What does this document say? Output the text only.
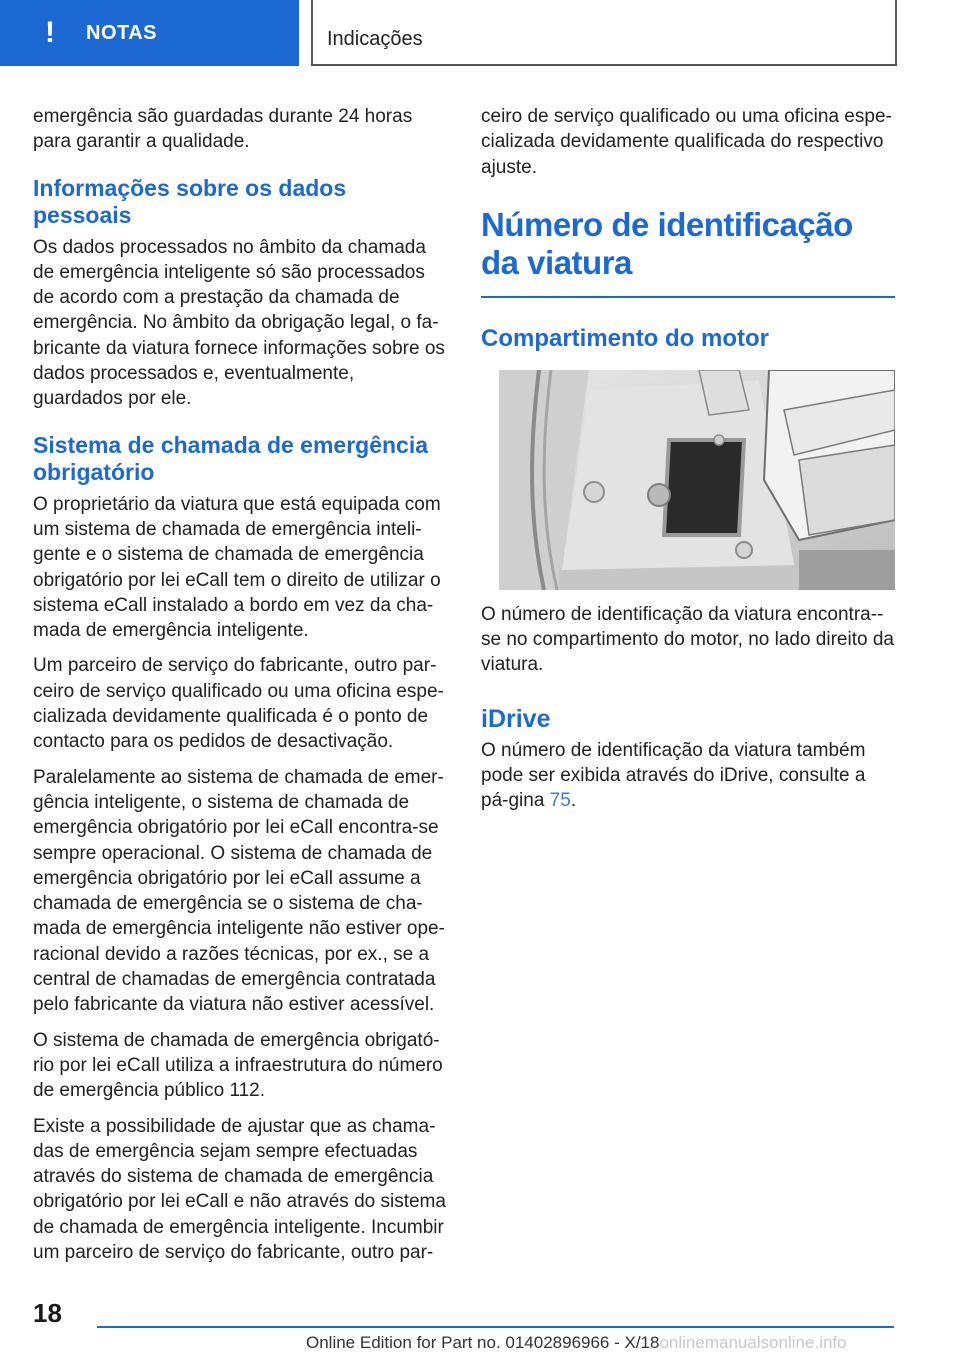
! NOTAS	Indicações

emergência são guardadas durante 24 horas para garantir a qualidade.

Informações sobre os dados pessoais

Os dados processados no âmbito da chamada de emergência inteligente só são processados de acordo com a prestação da chamada de emergência. No âmbito da obrigação legal, o fa-bricante da viatura fornece informações sobre os dados processados e, eventualmente, guardados por ele.

Sistema de chamada de emergência obrigatório

O proprietário da viatura que está equipada com um sistema de chamada de emergência inteli-gente e o sistema de chamada de emergência obrigatório por lei eCall tem o direito de utilizar o sistema eCall instalado a bordo em vez da cha-mada de emergência inteligente.

Um parceiro de serviço do fabricante, outro par-ceiro de serviço qualificado ou uma oficina espe-cializada devidamente qualificada é o ponto de contacto para os pedidos de desactivação.

Paralelamente ao sistema de chamada de emer-gência inteligente, o sistema de chamada de emergência obrigatório por lei eCall encontra-se sempre operacional. O sistema de chamada de emergência obrigatório por lei eCall assume a chamada de emergência se o sistema de cha-mada de emergência inteligente não estiver ope-racional devido a razões técnicas, por ex., se a central de chamadas de emergência contratada pelo fabricante da viatura não estiver acessível.

O sistema de chamada de emergência obrigató-rio por lei eCall utiliza a infraestrutura do número de emergência público 112.

Existe a possibilidade de ajustar que as chama-das de emergência sejam sempre efectuadas através do sistema de chamada de emergência obrigatório por lei eCall e não através do sistema de chamada de emergência inteligente. Incumbir um parceiro de serviço do fabricante, outro par-

ceiro de serviço qualificado ou uma oficina espe-cializada devidamente qualificada do respectivo ajuste.

Número de identificação da viatura
Compartimento do motor

O número de identificação da viatura encontra--se no compartimento do motor, no lado direito da viatura.

iDrive

O número de identificação da viatura também pode ser exibida através do iDrive, consulte a pá-gina 75.

18
Online Edition for Part no. 01402896966 - X/18onlinemanualsonline.info
